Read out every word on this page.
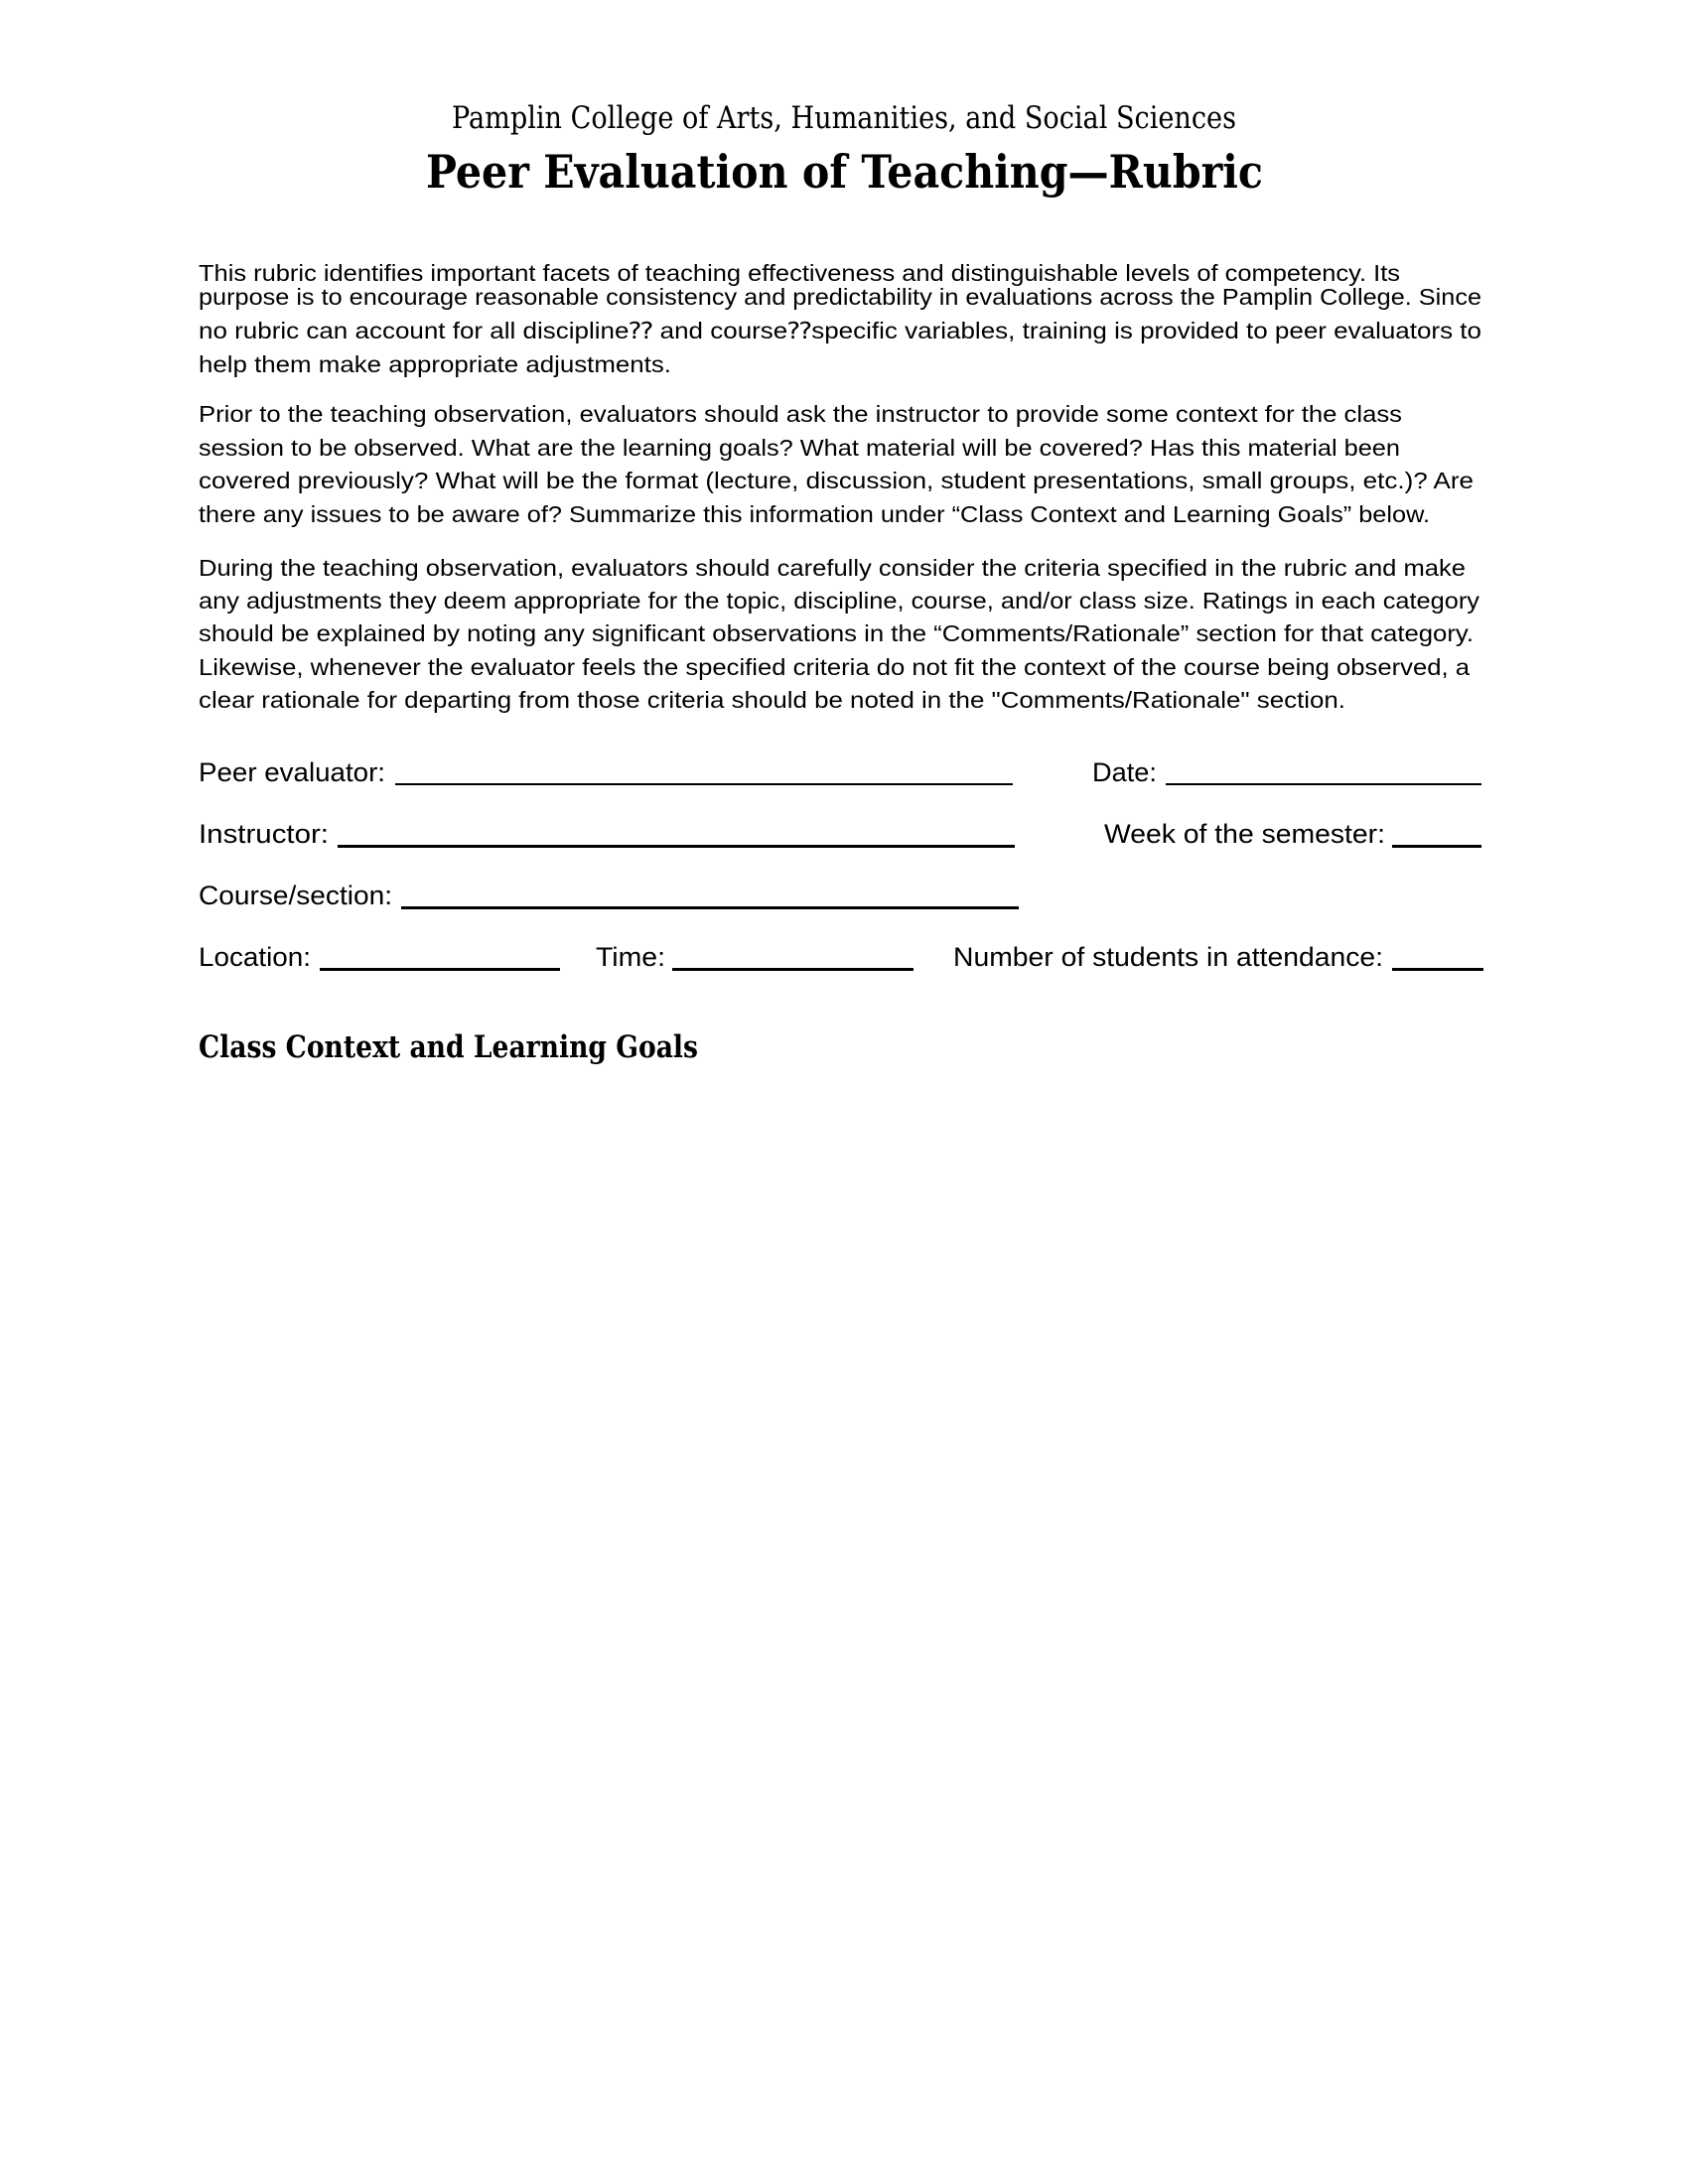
Pamplin College of Arts, Humanities, and Social Sciences
Peer Evaluation of Teaching—Rubric
This rubric identifies important facets of teaching effectiveness and distinguishable levels of competency. Its
purpose is to encourage reasonable consistency and predictability in evaluations across the Pamplin College. Since
no rubric can account for all discipline⁇ and course⁇specific variables, training is provided to peer evaluators to
help them make appropriate adjustments.
Prior to the teaching observation, evaluators should ask the instructor to provide some context for the class
session to be observed. What are the learning goals? What material will be covered? Has this material been
covered previously? What will be the format (lecture, discussion, student presentations, small groups, etc.)? Are
there any issues to be aware of? Summarize this information under “Class Context and Learning Goals” below.
During the teaching observation, evaluators should carefully consider the criteria specified in the rubric and make
any adjustments they deem appropriate for the topic, discipline, course, and/or class size. Ratings in each category
should be explained by noting any significant observations in the “Comments/Rationale” section for that category.
Likewise, whenever the evaluator feels the specified criteria do not fit the context of the course being observed, a
clear rationale for departing from those criteria should be noted in the "Comments/Rationale" section.
Peer evaluator:	Date:
Instructor:	Week of the semester:
Course/section:
Location:	Time:	Number of students in attendance:
Class Context and Learning Goals
